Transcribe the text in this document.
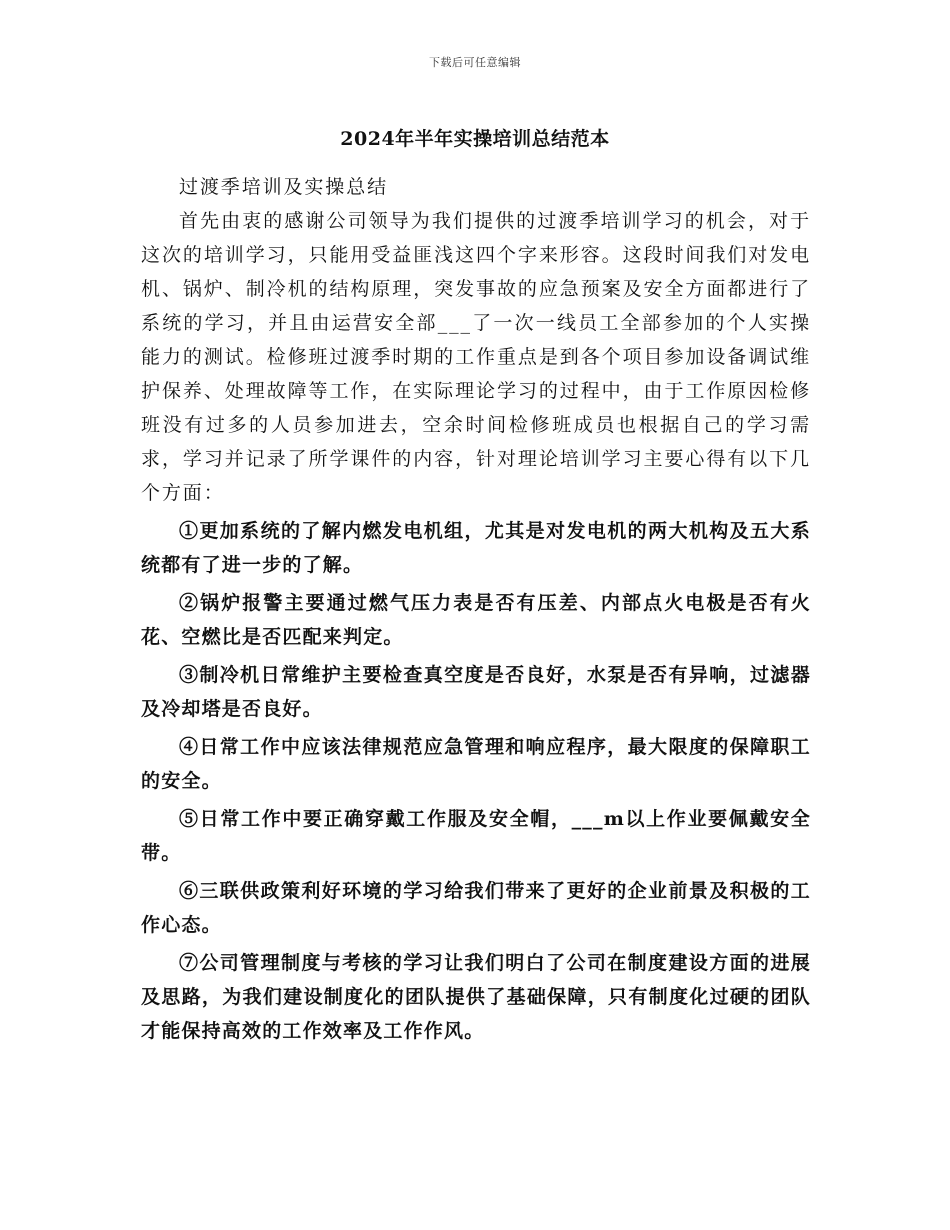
下载后可任意编辑
2024年半年实操培训总结范本

过渡季培训及实操总结

首先由衷的感谢公司领导为我们提供的过渡季培训学习的机会，对于这次的培训学习，只能用受益匪浅这四个字来形容。这段时间我们对发电机、锅炉、制冷机的结构原理，突发事故的应急预案及安全方面都进行了系统的学习，并且由运营安全部___了一次一线员工全部参加的个人实操能力的测试。检修班过渡季时期的工作重点是到各个项目参加设备调试维护保养、处理故障等工作，在实际理论学习的过程中，由于工作原因检修班没有过多的人员参加进去，空余时间检修班成员也根据自己的学习需求，学习并记录了所学课件的内容，针对理论培训学习主要心得有以下几个方面：

①更加系统的了解内燃发电机组，尤其是对发电机的两大机构及五大系统都有了进一步的了解。

②锅炉报警主要通过燃气压力表是否有压差、内部点火电极是否有火花、空燃比是否匹配来判定。

③制冷机日常维护主要检查真空度是否良好，水泵是否有异响，过滤器及冷却塔是否良好。

④日常工作中应该法律规范应急管理和响应程序，最大限度的保障职工的安全。

⑤日常工作中要正确穿戴工作服及安全帽，___m以上作业要佩戴安全带。

⑥三联供政策利好环境的学习给我们带来了更好的企业前景及积极的工作心态。

⑦公司管理制度与考核的学习让我们明白了公司在制度建设方面的进展及思路，为我们建设制度化的团队提供了基础保障，只有制度化过硬的团队才能保持高效的工作效率及工作作风。
